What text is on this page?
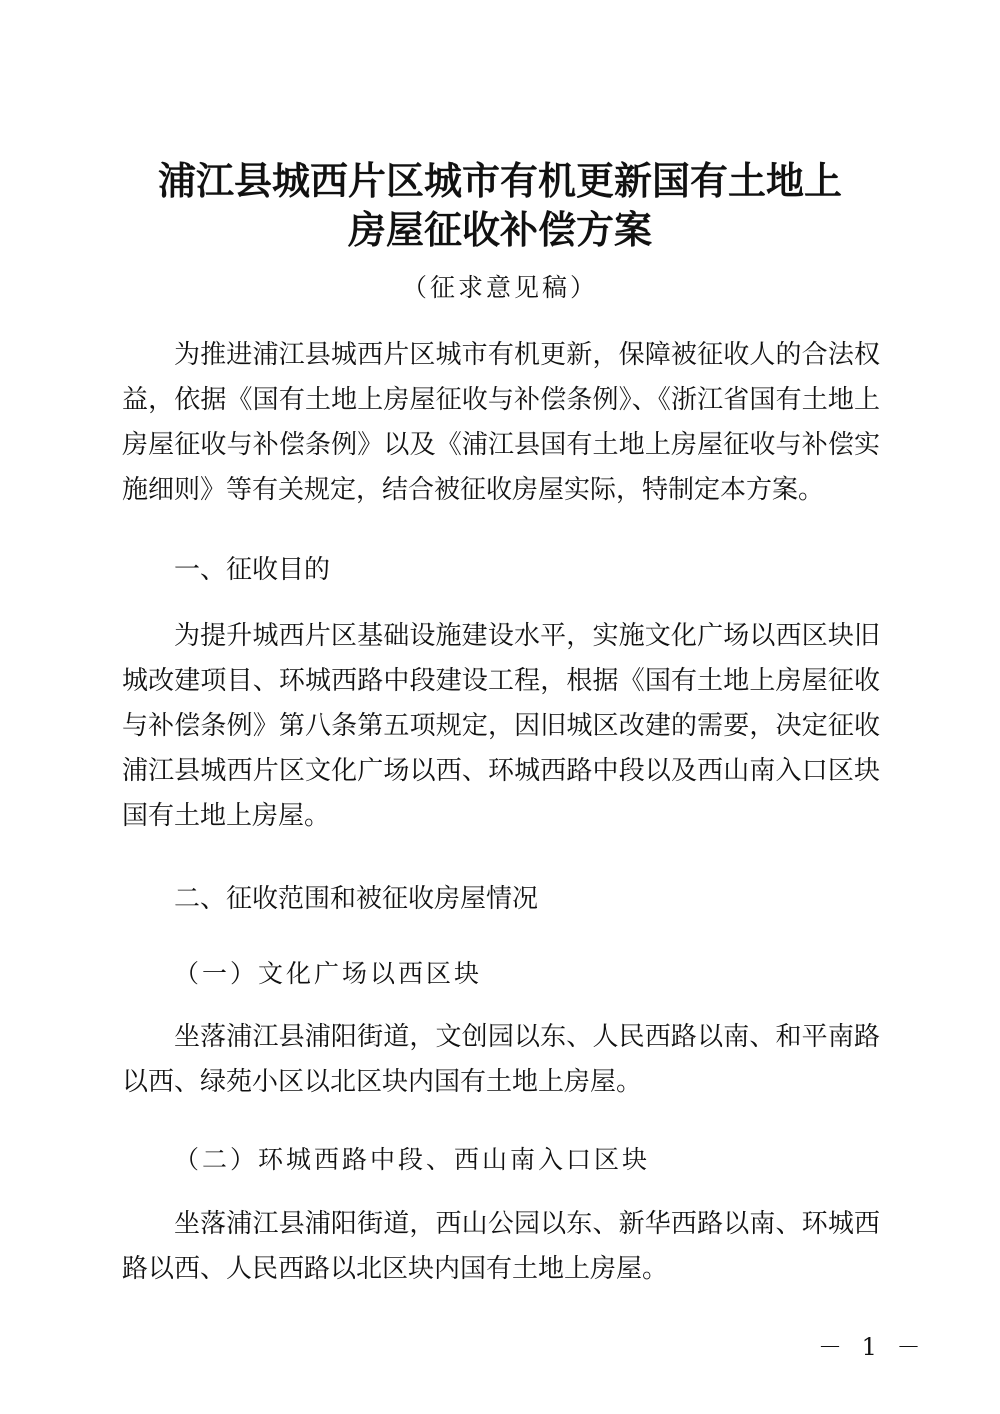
浦江县城西片区城市有机更新国有土地上
房屋征收补偿方案
（征求意见稿）

为推进浦江县城西片区城市有机更新，保障被征收人的合法权益，依据《国有土地上房屋征收与补偿条例》、《浙江省国有土地上房屋征收与补偿条例》以及《浦江县国有土地上房屋征收与补偿实施细则》等有关规定，结合被征收房屋实际，特制定本方案。

一、征收目的

为提升城西片区基础设施建设水平，实施文化广场以西区块旧城改建项目、环城西路中段建设工程，根据《国有土地上房屋征收与补偿条例》第八条第五项规定，因旧城区改建的需要，决定征收浦江县城西片区文化广场以西、环城西路中段以及西山南入口区块国有土地上房屋。

二、征收范围和被征收房屋情况

（一）文化广场以西区块

坐落浦江县浦阳街道，文创园以东、人民西路以南、和平南路以西、绿苑小区以北区块内国有土地上房屋。

（二）环城西路中段、西山南入口区块

坐落浦江县浦阳街道，西山公园以东、新华西路以南、环城西路以西、人民西路以北区块内国有土地上房屋。

－ 1 －
